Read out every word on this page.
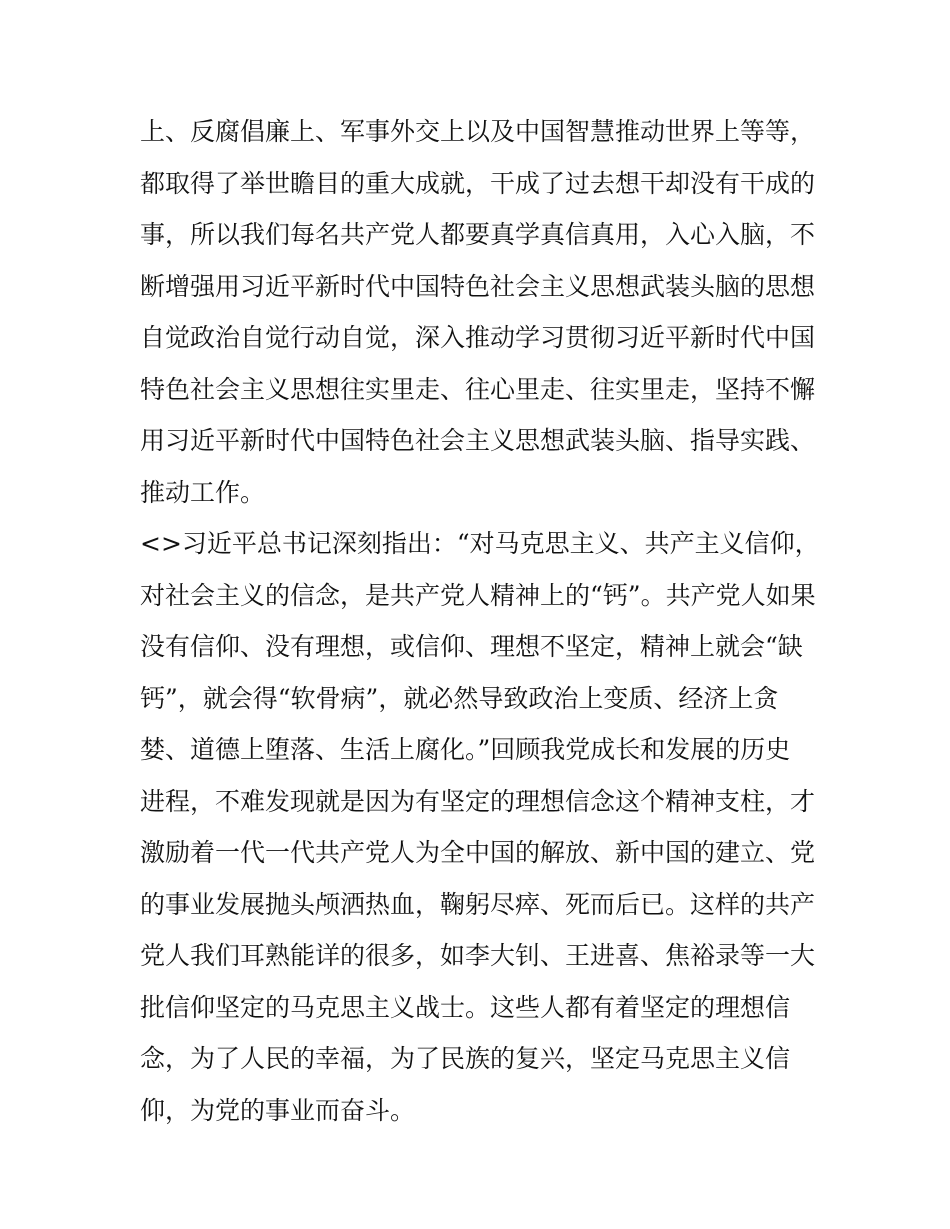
上、反腐倡廉上、军事外交上以及中国智慧推动世界上等等，
都取得了举世瞻目的重大成就，干成了过去想干却没有干成的
事，所以我们每名共产党人都要真学真信真用，入心入脑，不
断增强用习近平新时代中国特色社会主义思想武装头脑的思想
自觉政治自觉行动自觉，深入推动学习贯彻习近平新时代中国
特色社会主义思想往实里走、往心里走、往实里走，坚持不懈
用习近平新时代中国特色社会主义思想武装头脑、指导实践、
推动工作。
<>习近平总书记深刻指出：“对马克思主义、共产主义信仰，
对社会主义的信念，是共产党人精神上的“钙”。共产党人如果
没有信仰、没有理想，或信仰、理想不坚定，精神上就会“缺
钙”，就会得“软骨病”，就必然导致政治上变质、经济上贪
婪、道德上堕落、生活上腐化。”回顾我党成长和发展的历史
进程，不难发现就是因为有坚定的理想信念这个精神支柱，才
激励着一代一代共产党人为全中国的解放、新中国的建立、党
的事业发展抛头颅洒热血，鞠躬尽瘁、死而后已。这样的共产
党人我们耳熟能详的很多，如李大钊、王进喜、焦裕录等一大
批信仰坚定的马克思主义战士。这些人都有着坚定的理想信
念，为了人民的幸福，为了民族的复兴，坚定马克思主义信
仰，为党的事业而奋斗。
